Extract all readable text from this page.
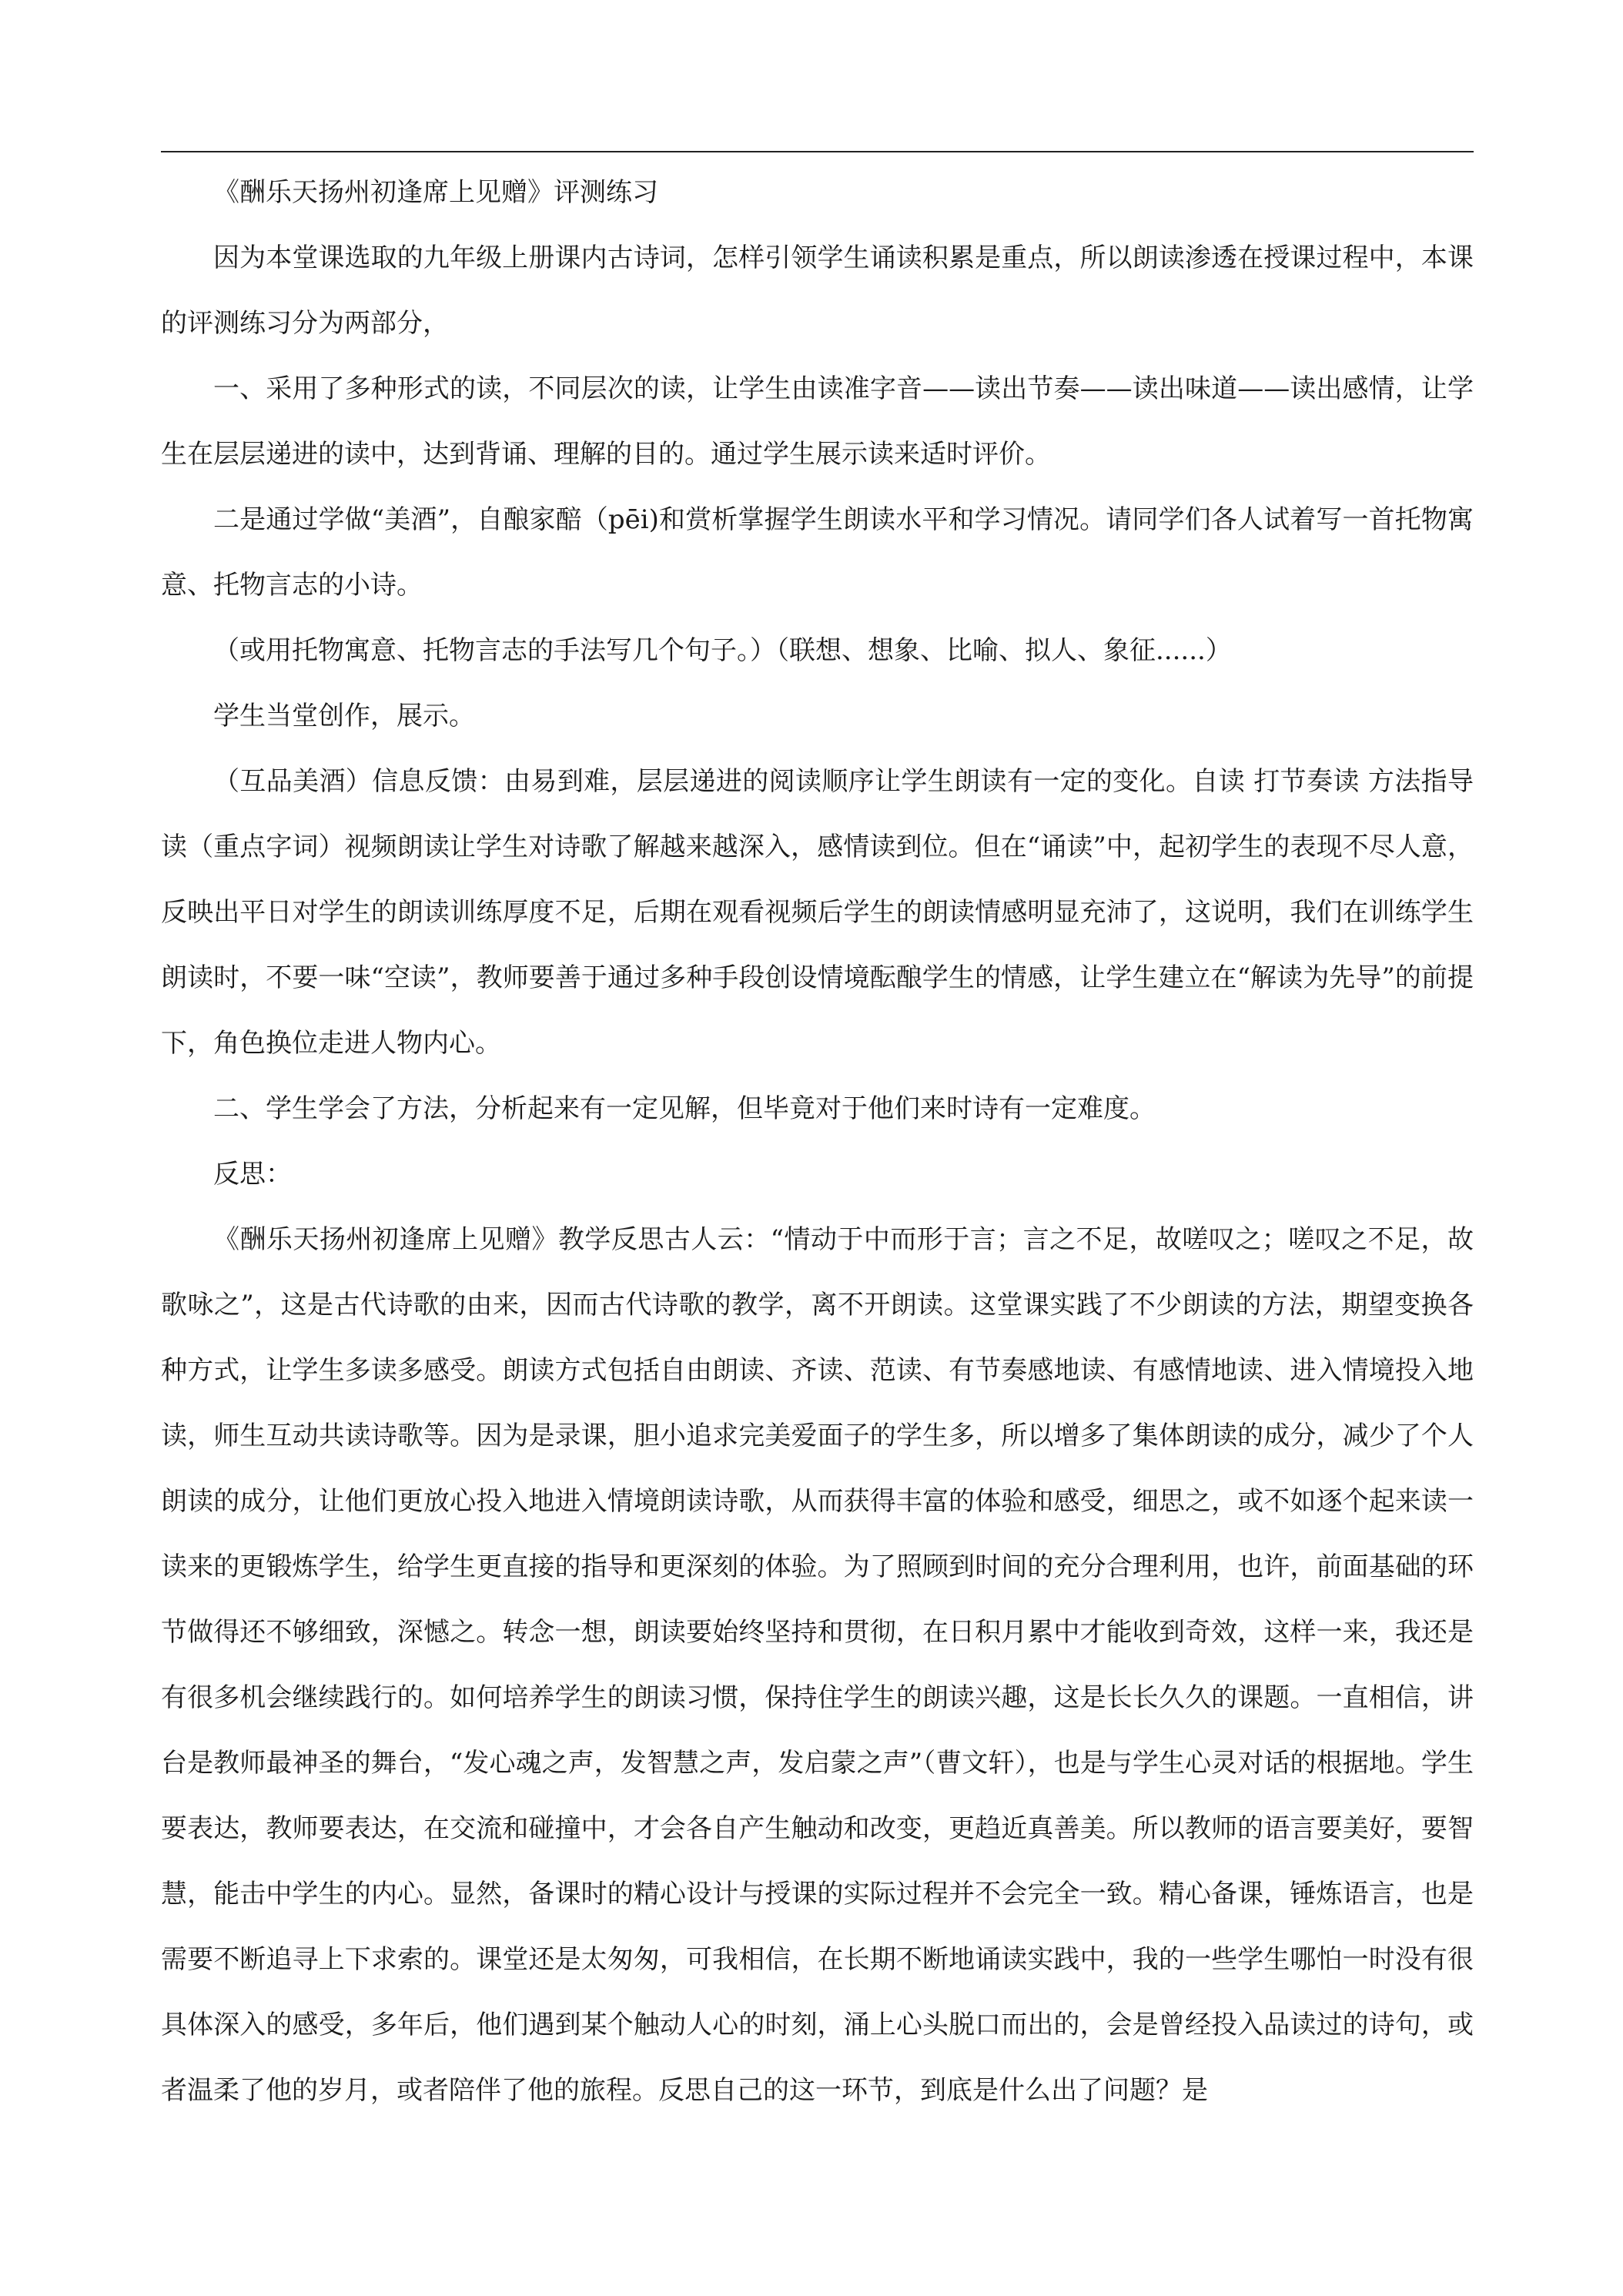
《酬乐天扬州初逢席上见赠》评测练习

因为本堂课选取的九年级上册课内古诗词，怎样引领学生诵读积累是重点，所以朗读渗透在授课过程中，本课的评测练习分为两部分，

一、采用了多种形式的读，不同层次的读，让学生由读准字音——读出节奏——读出味道——读出感情，让学生在层层递进的读中，达到背诵、理解的目的。通过学生展示读来适时评价。

二是通过学做“美酒”，自酿家醅（pēi)和赏析掌握学生朗读水平和学习情况。请同学们各人试着写一首托物寓意、托物言志的小诗。

（或用托物寓意、托物言志的手法写几个句子。）（联想、想象、比喻、拟人、象征......）

学生当堂创作，展示。

（互品美酒）信息反馈：由易到难，层层递进的阅读顺序让学生朗读有一定的变化。自读 打节奏读 方法指导读（重点字词）视频朗读让学生对诗歌了解越来越深入，感情读到位。但在“诵读”中，起初学生的表现不尽人意，反映出平日对学生的朗读训练厚度不足，后期在观看视频后学生的朗读情感明显充沛了，这说明，我们在训练学生朗读时，不要一味“空读”，教师要善于通过多种手段创设情境酝酿学生的情感，让学生建立在“解读为先导”的前提下，角色换位走进人物内心。

二、学生学会了方法，分析起来有一定见解，但毕竟对于他们来时诗有一定难度。

反思：

《酬乐天扬州初逢席上见赠》教学反思古人云：“情动于中而形于言；言之不足，故嗟叹之；嗟叹之不足，故歌咏之”，这是古代诗歌的由来，因而古代诗歌的教学，离不开朗读。这堂课实践了不少朗读的方法，期望变换各种方式，让学生多读多感受。朗读方式包括自由朗读、齐读、范读、有节奏感地读、有感情地读、进入情境投入地读，师生互动共读诗歌等。因为是录课，胆小追求完美爱面子的学生多，所以增多了集体朗读的成分，减少了个人朗读的成分，让他们更放心投入地进入情境朗读诗歌，从而获得丰富的体验和感受，细思之，或不如逐个起来读一读来的更锻炼学生，给学生更直接的指导和更深刻的体验。为了照顾到时间的充分合理利用，也许，前面基础的环节做得还不够细致，深憾之。转念一想，朗读要始终坚持和贯彻，在日积月累中才能收到奇效，这样一来，我还是有很多机会继续践行的。如何培养学生的朗读习惯，保持住学生的朗读兴趣，这是长长久久的课题。一直相信，讲台是教师最神圣的舞台，“发心魂之声，发智慧之声，发启蒙之声”（曹文轩），也是与学生心灵对话的根据地。学生要表达，教师要表达，在交流和碰撞中，才会各自产生触动和改变，更趋近真善美。所以教师的语言要美好，要智慧，能击中学生的内心。显然，备课时的精心设计与授课的实际过程并不会完全一致。精心备课，锤炼语言，也是需要不断追寻上下求索的。课堂还是太匆匆，可我相信，在长期不断地诵读实践中，我的一些学生哪怕一时没有很具体深入的感受，多年后，他们遇到某个触动人心的时刻，涌上心头脱口而出的，会是曾经投入品读过的诗句，或者温柔了他的岁月，或者陪伴了他的旅程。反思自己的这一环节，到底是什么出了问题？是
